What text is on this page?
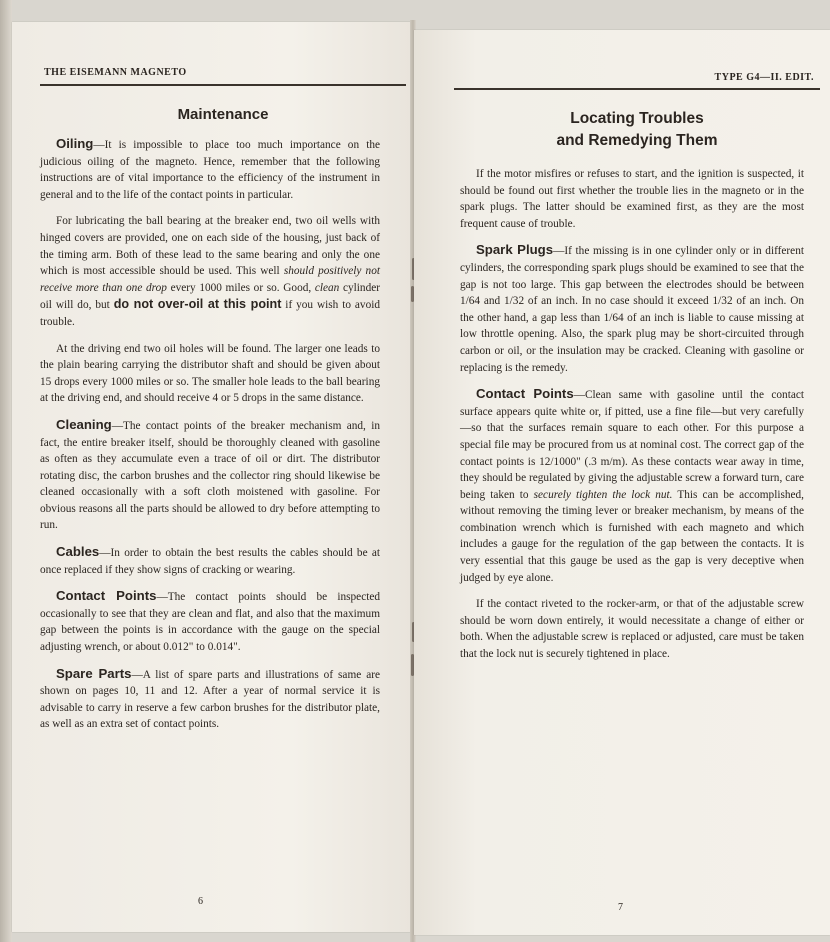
THE EISEMANN MAGNETO
Maintenance

Oiling—It is impossible to place too much importance on the judicious oiling of the magneto. Hence, remember that the following instructions are of vital importance to the efficiency of the instrument in general and to the life of the contact points in particular.

For lubricating the ball bearing at the breaker end, two oil wells with hinged covers are provided, one on each side of the housing, just back of the timing arm. Both of these lead to the same bearing and only the one which is most accessible should be used. This well should positively not receive more than one drop every 1000 miles or so. Good, clean cylinder oil will do, but do not over-oil at this point if you wish to avoid trouble.

At the driving end two oil holes will be found. The larger one leads to the plain bearing carrying the distributor shaft and should be given about 15 drops every 1000 miles or so. The smaller hole leads to the ball bearing at the driving end, and should receive 4 or 5 drops in the same distance.

Cleaning—The contact points of the breaker mechanism and, in fact, the entire breaker itself, should be thoroughly cleaned with gasoline as often as they accumulate even a trace of oil or dirt. The distributor rotating disc, the carbon brushes and the collector ring should likewise be cleaned occasionally with a soft cloth moistened with gasoline. For obvious reasons all the parts should be allowed to dry before attempting to run.

Cables—In order to obtain the best results the cables should be at once replaced if they show signs of cracking or wearing.

Contact Points—The contact points should be inspected occasionally to see that they are clean and flat, and also that the maximum gap between the points is in accordance with the gauge on the special adjusting wrench, or about 0.012" to 0.014".

Spare Parts—A list of spare parts and illustrations of same are shown on pages 10, 11 and 12. After a year of normal service it is advisable to carry in reserve a few carbon brushes for the distributor plate, as well as an extra set of contact points.

6
TYPE G4—II. EDIT.
Locating Troubles
and Remedying Them

If the motor misfires or refuses to start, and the ignition is suspected, it should be found out first whether the trouble lies in the magneto or in the spark plugs. The latter should be examined first, as they are the most frequent cause of trouble.

Spark Plugs—If the missing is in one cylinder only or in different cylinders, the corresponding spark plugs should be examined to see that the gap is not too large. This gap between the electrodes should be between 1/64 and 1/32 of an inch. In no case should it exceed 1/32 of an inch. On the other hand, a gap less than 1/64 of an inch is liable to cause missing at low throttle opening. Also, the spark plug may be short-circuited through carbon or oil, or the insulation may be cracked. Cleaning with gasoline or replacing is the remedy.

Contact Points—Clean same with gasoline until the contact surface appears quite white or, if pitted, use a fine file—but very carefully—so that the surfaces remain square to each other. For this purpose a special file may be procured from us at nominal cost. The correct gap of the contact points is 12/1000" (.3 m/m). As these contacts wear away in time, they should be regulated by giving the adjustable screw a forward turn, care being taken to securely tighten the lock nut. This can be accomplished, without removing the timing lever or breaker mechanism, by means of the combination wrench which is furnished with each magneto and which includes a gauge for the regulation of the gap between the contacts. It is very essential that this gauge be used as the gap is very deceptive when judged by eye alone.

If the contact riveted to the rocker-arm, or that of the adjustable screw should be worn down entirely, it would necessitate a change of either or both. When the adjustable screw is replaced or adjusted, care must be taken that the lock nut is securely tightened in place.

7
